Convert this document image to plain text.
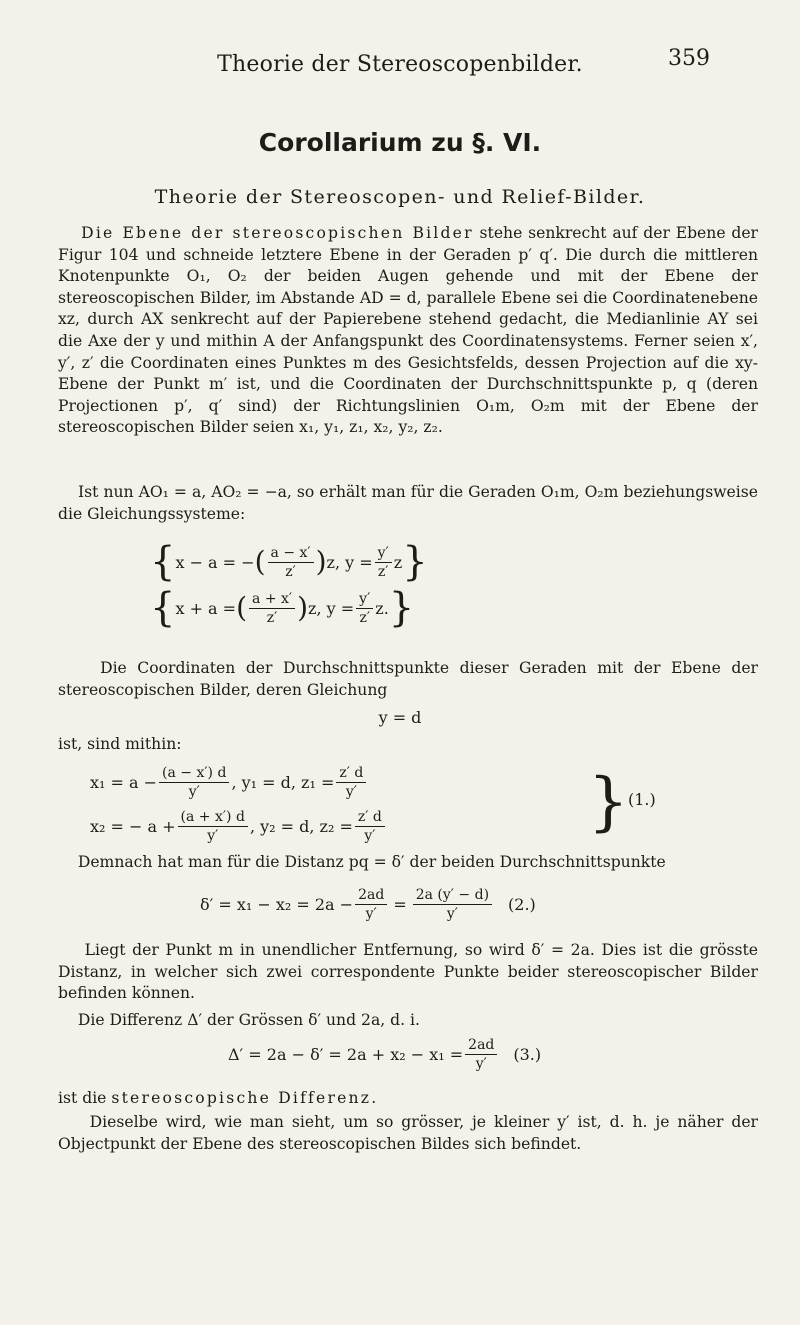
Theorie der Stereoscopenbilder.	359
Corollarium zu §. VI.
Theorie der Stereoscopen- und Relief-Bilder.

Die Ebene der stereoscopischen Bilder stehe senkrecht auf der Ebene der Figur 104 und schneide letztere Ebene in der Geraden p′ q′. Die durch die mittleren Knotenpunkte O₁, O₂ der beiden Augen gehende und mit der Ebene der stereoscopischen Bilder, im Abstande AD = d, parallele Ebene sei die Coordinatenebene xz, durch AX senkrecht auf der Papierebene stehend gedacht, die Medianlinie AY sei die Axe der y und mithin A der Anfangspunkt des Coordinatensystems. Ferner seien x′, y′, z′ die Coordinaten eines Punktes m des Gesichtsfelds, dessen Projection auf die xy-Ebene der Punkt m′ ist, und die Coordinaten der Durchschnittspunkte p, q (deren Projectionen p′, q′ sind) der Richtungslinien O₁m, O₂m mit der Ebene der stereoscopischen Bilder seien x₁, y₁, z₁, x₂, y₂, z₂.

Ist nun AO₁ = a, AO₂ = −a, so erhält man für die Geraden O₁m, O₂m beziehungsweise die Gleichungssysteme:

{ x − a = − ( $\frac{a - x'}{z'}$ ) z, $y = \frac{y'}{z'}$ z }
{ x + a = ( $\frac{a + x'}{z'}$ ) z, $y = \frac{y'}{z'} z$. }

Die Coordinaten der Durchschnittspunkte dieser Geraden mit der Ebene der stereoscopischen Bilder, deren Gleichung

y = d

ist, sind mithin:

$x_1 = a - \frac{(a - x') d}{y'}$ , y₁ = d, $z_1 = \frac{z' d}{y'}$
x₂ = − $a + \frac{(a + x') d}{y'}$ , y₂ = d, $z_2 = \frac{z' d}{y'}$	} (1.)

Demnach hat man für die Distanz pq = δ′ der beiden Durchschnittspunkte

$\delta' = x_1 - x_2 = 2a - \frac{2ad}{y'} = \frac{2a (y' - d)}{y'} (2.)$

Liegt der Punkt m in unendlicher Entfernung, so wird δ′ = 2a. Dies ist die grösste Distanz, in welcher sich zwei correspondente Punkte beider stereoscopischer Bilder befinden können.

Die Differenz Δ′ der Grössen δ′ und 2a, d. i.

$\Delta' = 2a - \delta' = 2a + x_2 - x_1 = \frac{2ad}{y'} (3.)$

ist die stereoscopische Differenz.

Dieselbe wird, wie man sieht, um so grösser, je kleiner y′ ist, d. h. je näher der Objectpunkt der Ebene des stereoscopischen Bildes sich befindet.
